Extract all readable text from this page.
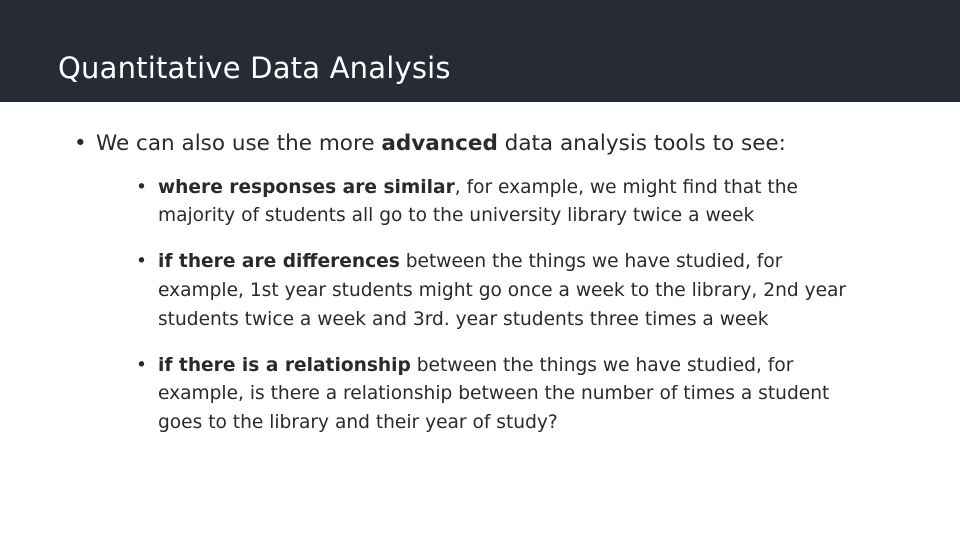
Quantitative Data Analysis
• We can also use the more advanced data analysis tools to see:
• where responses are similar, for example, we might find that the majority of students all go to the university library twice a week
• if there are differences between the things we have studied, for example, 1st year students might go once a week to the library, 2nd year students twice a week and 3rd. year students three times a week
• if there is a relationship between the things we have studied, for example, is there a relationship between the number of times a student goes to the library and their year of study?
